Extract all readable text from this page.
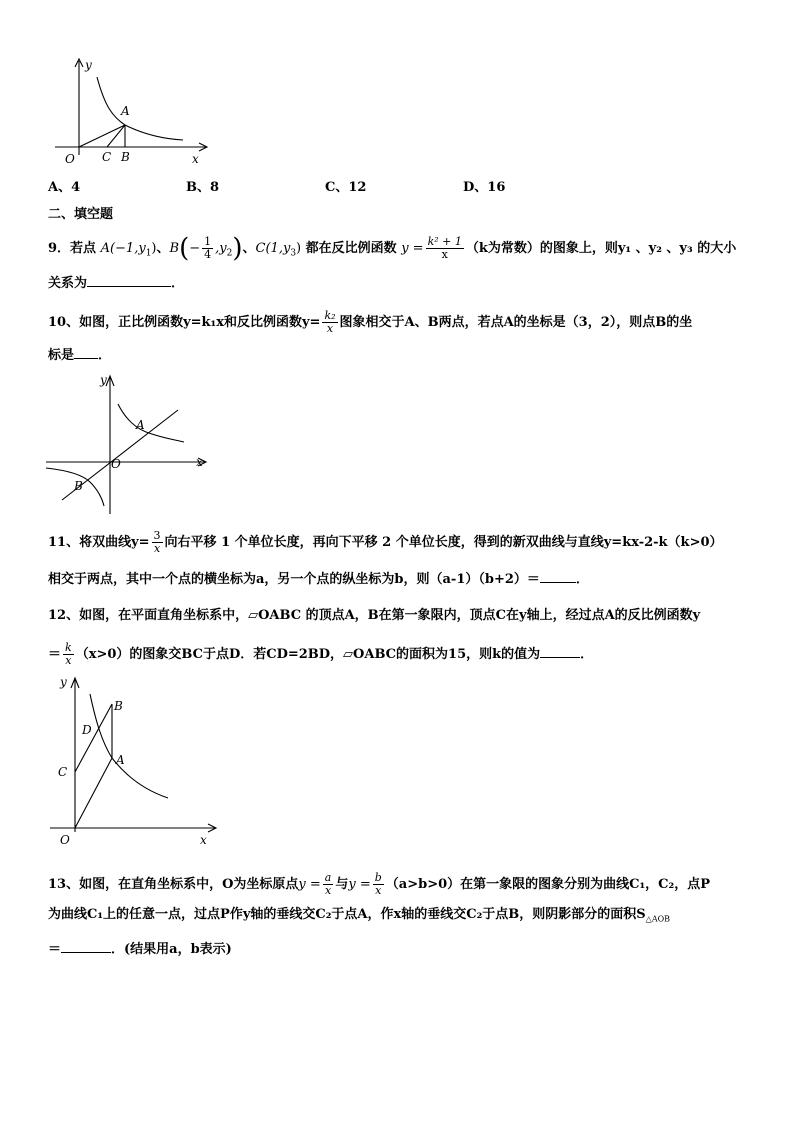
y
x
O
A
C B
A、4	B、8	C、12	D、16
二、填空题
9．若点 $A(-1,y_1)$、$B(- \frac{1}{4} ,y_2)$、$C(1,y_3)$ 都在反比例函数 $y = \frac{\text{k² + 1}}{x} (k$为常数）的图象上，则y₁ 、y₂ 、y₃ 的大小
关系为	．
10、如图，正比例函数y=k₁x和反比例函数$y= \frac{\text{k₂}}{x}$ 图象相交于A、B两点，若点A的坐标是（3，2），则点B的坐
标是 ．
y
x
O
A
B
11、将双曲线$y= \frac{3}{x}$ 向右平移 1 个单位长度，再向下平移 2 个单位长度，得到的新双曲线与直线y=kx-2-k（k>0）
相交于两点，其中一个点的横坐标为a，另一个点的纵坐标为b，则（a-1）（b+2）＝	．
12、如图，在平面直角坐标系中，▱OABC 的顶点A，B在第一象限内，顶点C在y轴上，经过点A的反比例函数y
＝ $\frac{k}{x} (x>0)$的图象交BC于点D．若CD=2BD，▱OABC的面积为15，则k的值为	．
y
x
O
B
D
A
C
13、如图，在直角坐标系中，O为坐标原点$y = \frac{a}{x}$ 与$y = \frac{b}{x} (a>b>0)$在第一象限的图象分别为曲线C₁，C₂，点P
为曲线C₁上的任意一点，过点P作y轴的垂线交C₂于点A，作x轴的垂线交C₂于点B，则阴影部分的面积$S_{\triangle AOB}$
＝	．(结果用a，b表示)
